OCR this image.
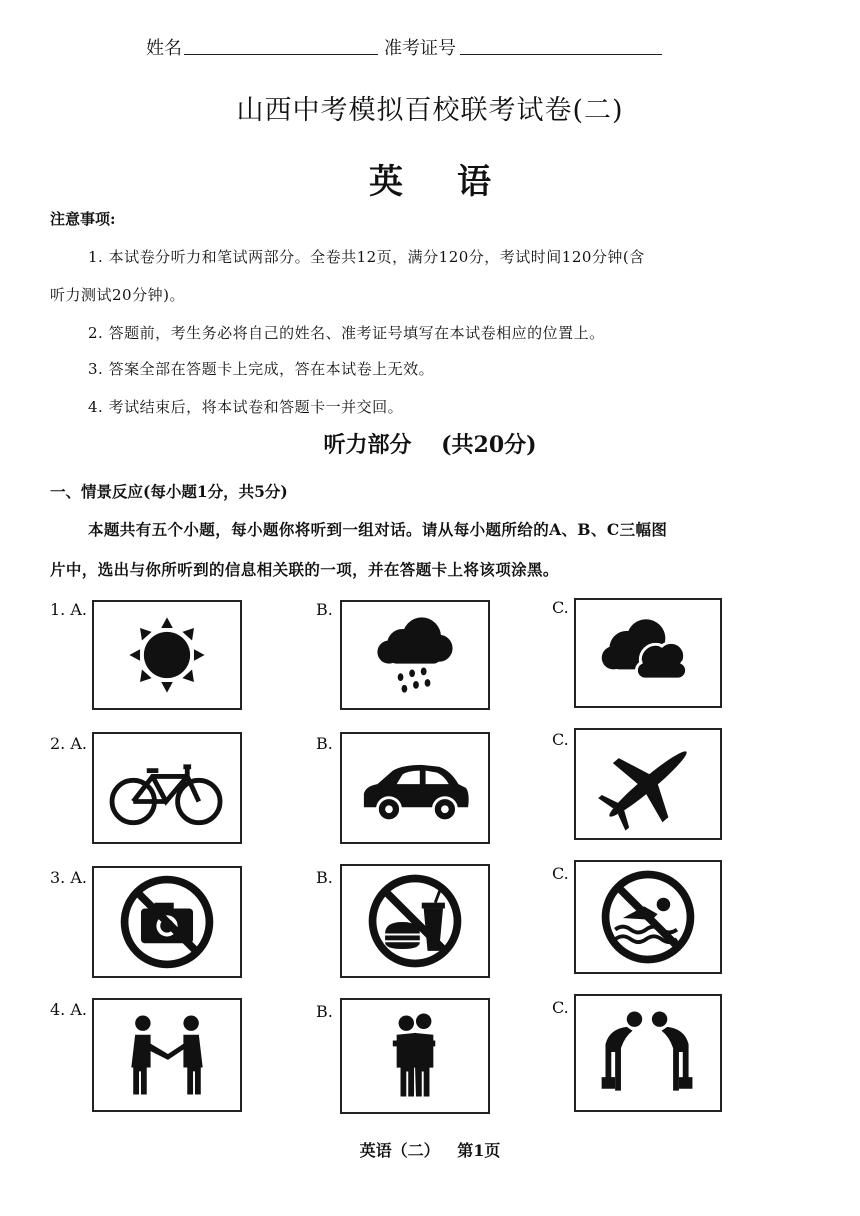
姓名	准考证号
山西中考模拟百校联考试卷(二)
英语
注意事项:
1. 本试卷分听力和笔试两部分。全卷共12页，满分120分，考试时间120分钟(含
听力测试20分钟)。
2. 答题前，考生务必将自己的姓名、准考证号填写在本试卷相应的位置上。
3. 答案全部在答题卡上完成，答在本试卷上无效。
4. 考试结束后，将本试卷和答题卡一并交回。
听力部分 (共20分)
一、情景反应(每小题1分，共5分)
本题共有五个小题，每小题你将听到一组对话。请从每小题所给的A、B、C三幅图
片中，选出与你所听到的信息相关联的一项，并在答题卡上将该项涂黑。
1. A.	B.	C.
2. A.	B.	C.
3. A.	B.	C.
4. A.	B.	C.
英语（二） 第1页
